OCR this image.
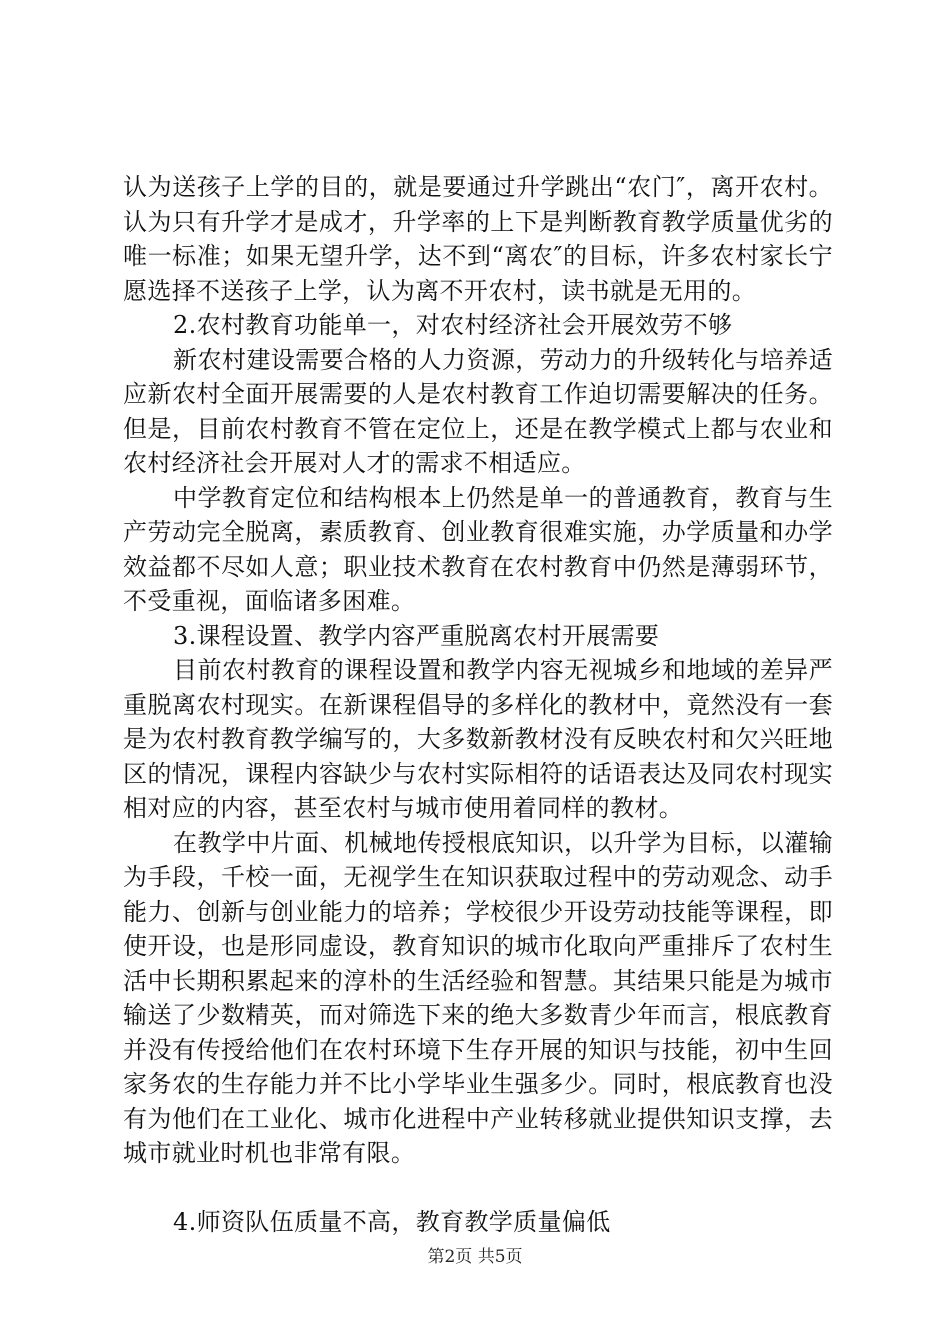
认为送孩子上学的目的，就是要通过升学跳出“农门″，离开农村。认为只有升学才是成才，升学率的上下是判断教育教学质量优劣的唯一标准；如果无望升学，达不到“离农″的目标，许多农村家长宁愿选择不送孩子上学，认为离不开农村，读书就是无用的。

2.农村教育功能单一，对农村经济社会开展效劳不够

新农村建设需要合格的人力资源，劳动力的升级转化与培养适应新农村全面开展需要的人是农村教育工作迫切需要解决的任务。但是，目前农村教育不管在定位上，还是在教学模式上都与农业和农村经济社会开展对人才的需求不相适应。

中学教育定位和结构根本上仍然是单一的普通教育，教育与生产劳动完全脱离，素质教育、创业教育很难实施，办学质量和办学效益都不尽如人意；职业技术教育在农村教育中仍然是薄弱环节，不受重视，面临诸多困难。

3.课程设置、教学内容严重脱离农村开展需要

目前农村教育的课程设置和教学内容无视城乡和地域的差异严重脱离农村现实。在新课程倡导的多样化的教材中，竟然没有一套是为农村教育教学编写的，大多数新教材没有反映农村和欠兴旺地区的情况，课程内容缺少与农村实际相符的话语表达及同农村现实相对应的内容，甚至农村与城市使用着同样的教材。

在教学中片面、机械地传授根底知识，以升学为目标，以灌输为手段，千校一面，无视学生在知识获取过程中的劳动观念、动手能力、创新与创业能力的培养；学校很少开设劳动技能等课程，即使开设，也是形同虚设，教育知识的城市化取向严重排斥了农村生活中长期积累起来的淳朴的生活经验和智慧。其结果只能是为城市输送了少数精英，而对筛选下来的绝大多数青少年而言，根底教育并没有传授给他们在农村环境下生存开展的知识与技能，初中生回家务农的生存能力并不比小学毕业生强多少。同时，根底教育也没有为他们在工业化、城市化进程中产业转移就业提供知识支撑，去城市就业时机也非常有限。

4.师资队伍质量不高，教育教学质量偏低

第2页 共5页
